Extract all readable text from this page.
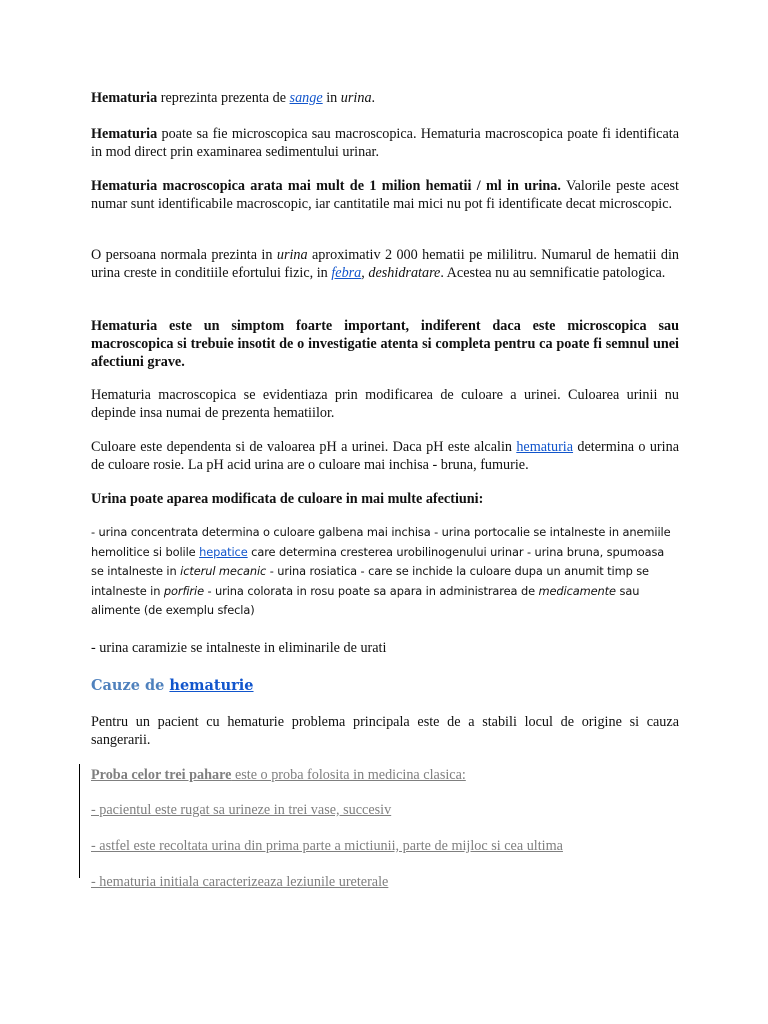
Hematuria reprezinta prezenta de sange in urina.

Hematuria poate sa fie microscopica sau macroscopica. Hematuria macroscopica poate fi identificata in mod direct prin examinarea sedimentului urinar.

Hematuria macroscopica arata mai mult de 1 milion hematii / ml in urina. Valorile peste acest numar sunt identificabile macroscopic, iar cantitatile mai mici nu pot fi identificate decat microscopic.

O persoana normala prezinta in urina aproximativ 2 000 hematii pe mililitru. Numarul de hematii din urina creste in conditiile efortului fizic, in febra, deshidratare. Acestea nu au semnificatie patologica.

Hematuria este un simptom foarte important, indiferent daca este microscopica sau macroscopica si trebuie insotit de o investigatie atenta si completa pentru ca poate fi semnul unei afectiuni grave.

Hematuria macroscopica se evidentiaza prin modificarea de culoare a urinei. Culoarea urinii nu depinde insa numai de prezenta hematiilor.

Culoare este dependenta si de valoarea pH a urinei. Daca pH este alcalin hematuria determina o urina de culoare rosie. La pH acid urina are o culoare mai inchisa - bruna, fumurie.

Urina poate aparea modificata de culoare in mai multe afectiuni:

- urina concentrata determina o culoare galbena mai inchisa - urina portocalie se intalneste in anemiile hemolitice si bolile hepatice care determina cresterea urobilinogenului urinar - urina bruna, spumoasa se intalneste in icterul mecanic - urina rosiatica - care se inchide la culoare dupa un anumit timp se intalneste in porfirie - urina colorata in rosu poate sa apara in administrarea de medicamente sau alimente (de exemplu sfecla)

- urina caramizie se intalneste in eliminarile de urati

Cauze de hematurie

Pentru un pacient cu hematurie problema principala este de a stabili locul de origine si cauza sangerarii.

Proba celor trei pahare este o proba folosita in medicina clasica:

- pacientul este rugat sa urineze in trei vase, succesiv

- astfel este recoltata urina din prima parte a mictiunii, parte de mijloc si cea ultima

- hematuria initiala caracterizeaza leziunile ureterale
